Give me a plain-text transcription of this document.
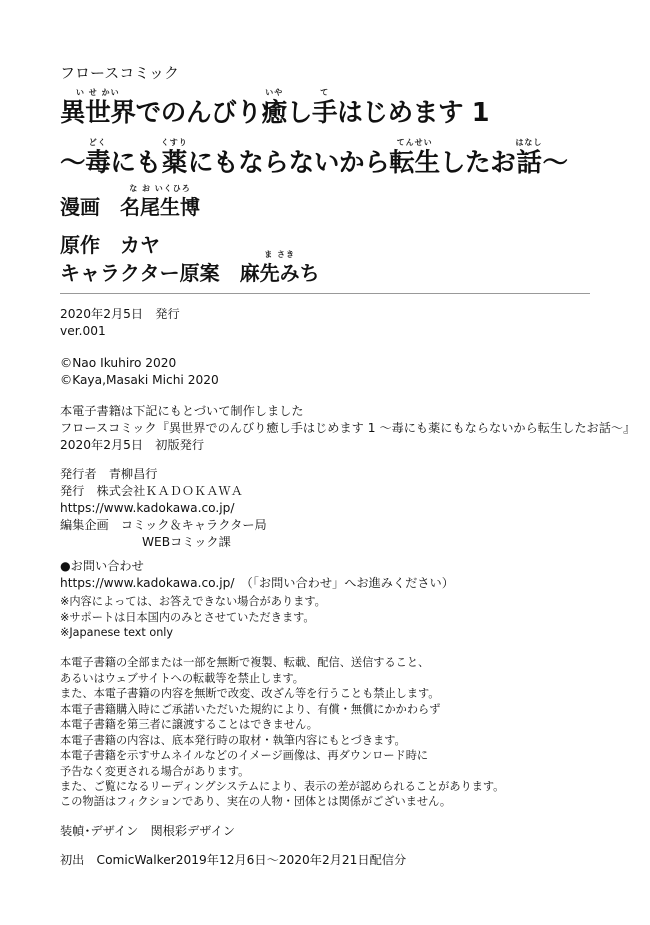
フロースコミック
い せ かい
異世界 でのんびり
いや
癒 し
て
手 はじめます 1
〜
どく
毒 にも
くすり
薬 にもならないから
てんせい
転生 したお
はなし
話 〜
漫画
な お いくひろ
名尾生博
原作 カヤ
キャラクター原案
ま さき
麻先みち
2020年2月5日　発行
ver.001
©Nao Ikuhiro 2020
©Kaya,Masaki Michi 2020
本電子書籍は下記にもとづいて制作しました
フロースコミック『異世界でのんびり癒し手はじめます 1 〜毒にも薬にもならないから転生したお話〜』
2020年2月5日　初版発行
発行者　青柳昌行
発行　株式会社ＫＡＤＯＫＡＷＡ
https://www.kadokawa.co.jp/
編集企画　コミック＆キャラクター局
WEBコミック課
●お問い合わせ
https://www.kadokawa.co.jp/　（「お問い合わせ」へお進みください）
※内容によっては、お答えできない場合があります。
※サポートは日本国内のみとさせていただきます。
※Japanese text only
本電子書籍の全部または一部を無断で複製、転載、配信、送信すること、
あるいはウェブサイトへの転載等を禁止します。
また、本電子書籍の内容を無断で改変、改ざん等を行うことも禁止します。
本電子書籍購入時にご承諾いただいた規約により、有償・無償にかかわらず
本電子書籍を第三者に譲渡することはできません。
本電子書籍の内容は、底本発行時の取材・執筆内容にもとづきます。
本電子書籍を示すサムネイルなどのイメージ画像は、再ダウンロード時に
予告なく変更される場合があります。
また、ご覧になるリーディングシステムにより、表示の差が認められることがあります。
この物語はフィクションであり、実在の人物・団体とは関係がございません。
装幀･デザイン　関根彩デザイン
初出　ComicWalker2019年12月6日〜2020年2月21日配信分
